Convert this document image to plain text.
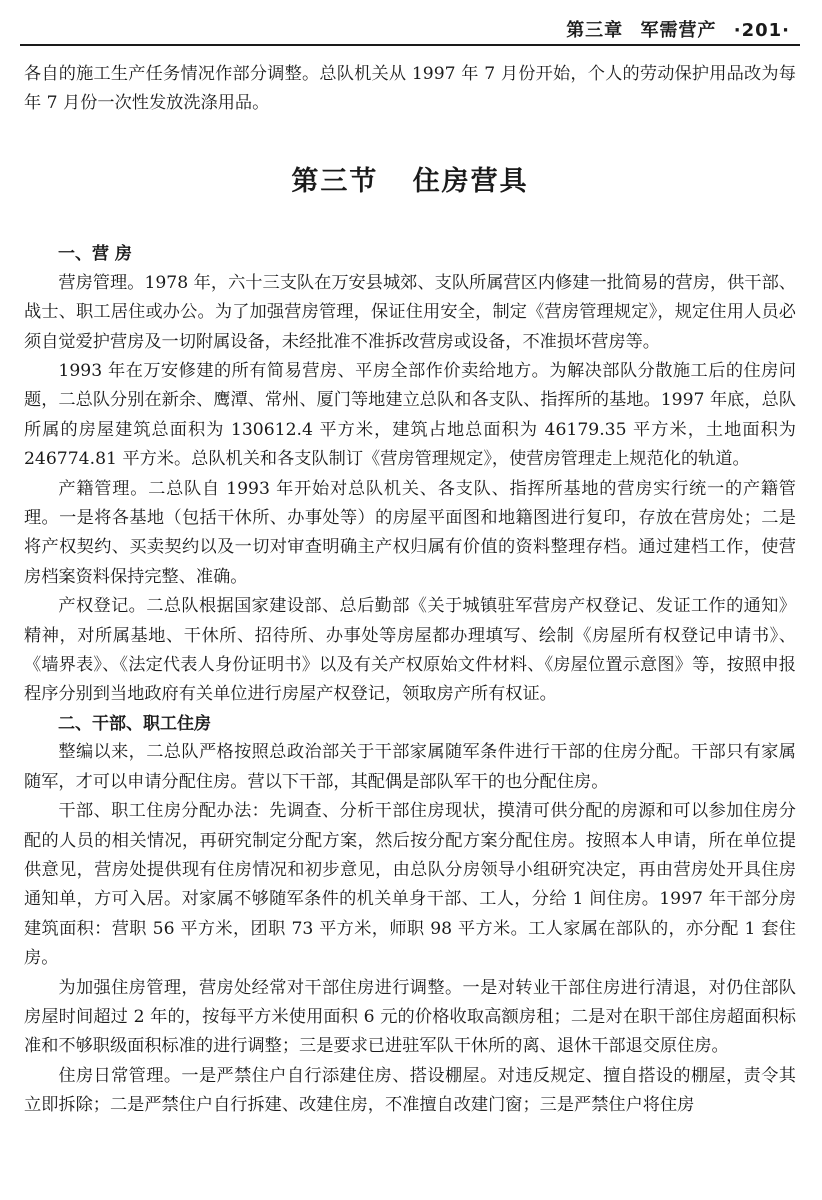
第三章 军需营产 ·201·

各自的施工生产任务情况作部分调整。总队机关从 1997 年 7 月份开始，个人的劳动保护用品改为每年 7 月份一次性发放洗涤用品。

第三节   住房营具
一、营 房

营房管理。1978 年，六十三支队在万安县城郊、支队所属营区内修建一批简易的营房，供干部、战士、职工居住或办公。为了加强营房管理，保证住用安全，制定《营房管理规定》，规定住用人员必须自觉爱护营房及一切附属设备，未经批准不准拆改营房或设备，不准损坏营房等。

1993 年在万安修建的所有简易营房、平房全部作价卖给地方。为解决部队分散施工后的住房问题，二总队分别在新余、鹰潭、常州、厦门等地建立总队和各支队、指挥所的基地。1997 年底，总队所属的房屋建筑总面积为 130612.4 平方米，建筑占地总面积为 46179.35 平方米，土地面积为 246774.81 平方米。总队机关和各支队制订《营房管理规定》，使营房管理走上规范化的轨道。

产籍管理。二总队自 1993 年开始对总队机关、各支队、指挥所基地的营房实行统一的产籍管理。一是将各基地（包括干休所、办事处等）的房屋平面图和地籍图进行复印，存放在营房处；二是将产权契约、买卖契约以及一切对审查明确主产权归属有价值的资料整理存档。通过建档工作，使营房档案资料保持完整、准确。

产权登记。二总队根据国家建设部、总后勤部《关于城镇驻军营房产权登记、发证工作的通知》精神，对所属基地、干休所、招待所、办事处等房屋都办理填写、绘制《房屋所有权登记申请书》、《墙界表》、《法定代表人身份证明书》以及有关产权原始文件材料、《房屋位置示意图》等，按照申报程序分别到当地政府有关单位进行房屋产权登记，领取房产所有权证。

二、干部、职工住房

整编以来，二总队严格按照总政治部关于干部家属随军条件进行干部的住房分配。干部只有家属随军，才可以申请分配住房。营以下干部，其配偶是部队军干的也分配住房。

干部、职工住房分配办法：先调查、分析干部住房现状，摸清可供分配的房源和可以参加住房分配的人员的相关情况，再研究制定分配方案，然后按分配方案分配住房。按照本人申请，所在单位提供意见，营房处提供现有住房情况和初步意见，由总队分房领导小组研究决定，再由营房处开具住房通知单，方可入居。对家属不够随军条件的机关单身干部、工人，分给 1 间住房。1997 年干部分房建筑面积：营职 56 平方米，团职 73 平方米，师职 98 平方米。工人家属在部队的，亦分配 1 套住房。

为加强住房管理，营房处经常对干部住房进行调整。一是对转业干部住房进行清退，对仍住部队房屋时间超过 2 年的，按每平方米使用面积 6 元的价格收取高额房租；二是对在职干部住房超面积标准和不够职级面积标准的进行调整；三是要求已进驻军队干休所的离、退休干部退交原住房。

住房日常管理。一是严禁住户自行添建住房、搭设棚屋。对违反规定、擅自搭设的棚屋，责令其立即拆除；二是严禁住户自行拆建、改建住房，不准擅自改建门窗；三是严禁住户将住房
